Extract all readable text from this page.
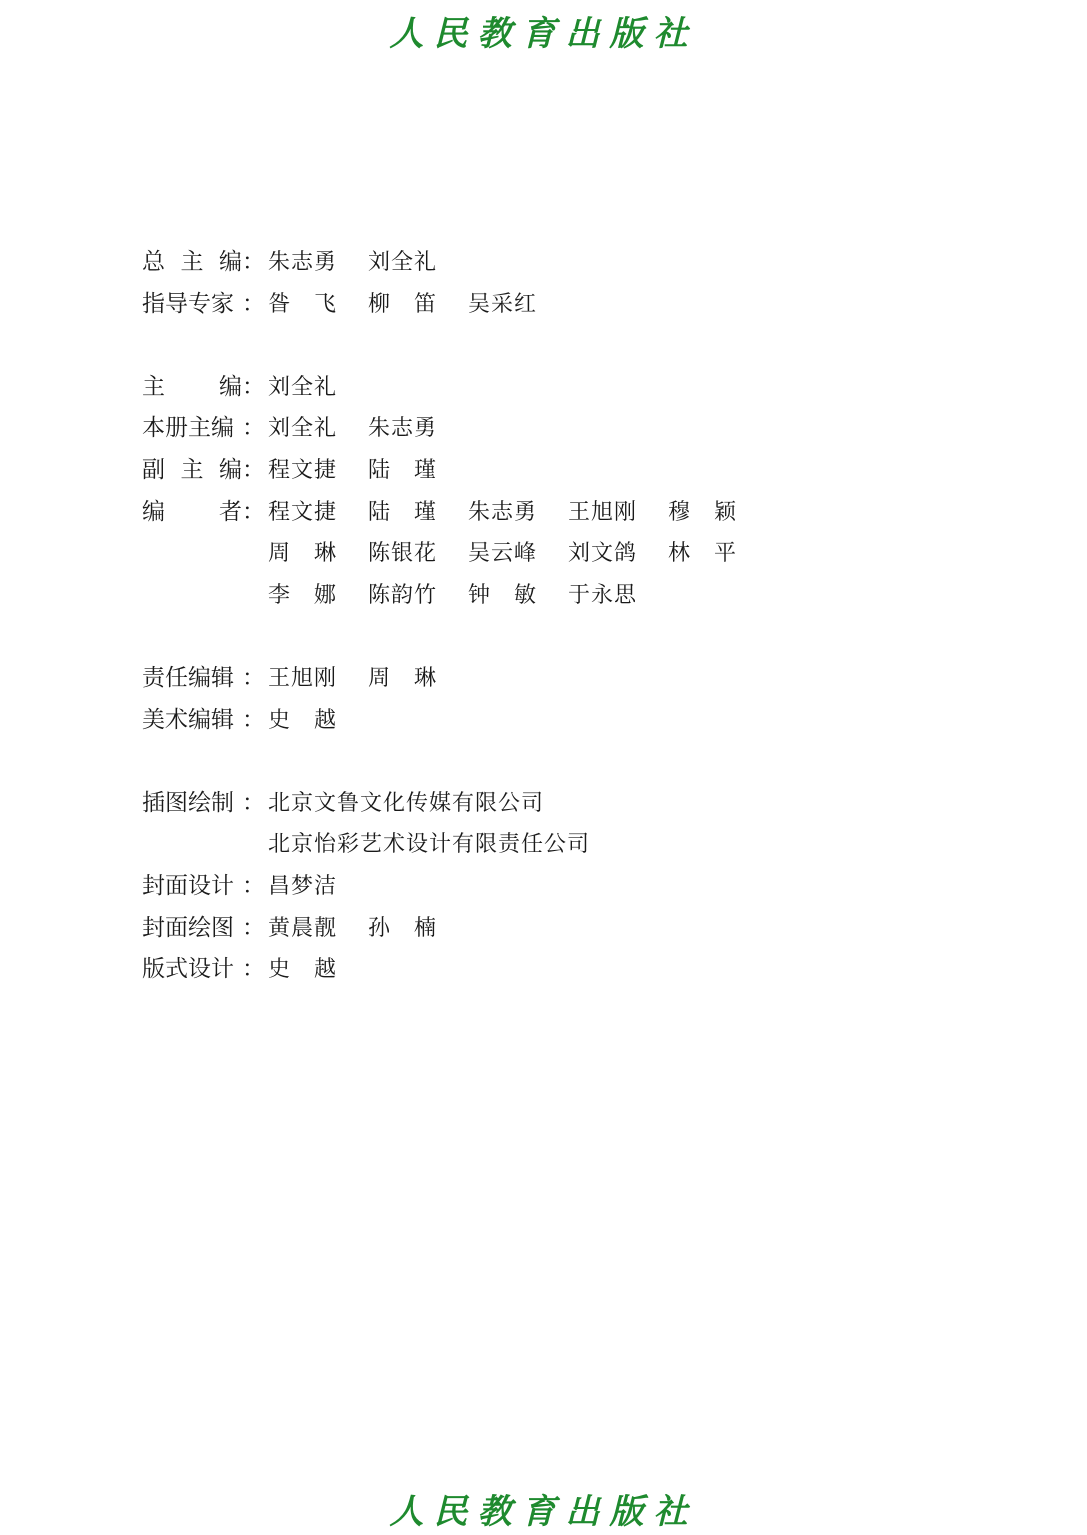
人民教育出版社
总 主 编 ： 朱志勇	刘全礼
指导专家 ： 昝　飞	柳　笛	吴采红
主 编 ： 刘全礼
本册主编 ： 刘全礼	朱志勇
副 主 编 ： 程文捷	陆　瑾
编 者 ： 程文捷	陆　瑾	朱志勇	王旭刚	穆　颖
周　琳	陈银花	吴云峰	刘文鸽	林　平
李　娜	陈韵竹	钟　敏	于永思
责任编辑 ： 王旭刚	周　琳
美术编辑 ： 史　越
插图绘制 ： 北京文鲁文化传媒有限公司
北京怡彩艺术设计有限责任公司
封面设计 ： 昌梦洁
封面绘图 ： 黄晨靓	孙　楠
版式设计 ： 史　越
人民教育出版社
